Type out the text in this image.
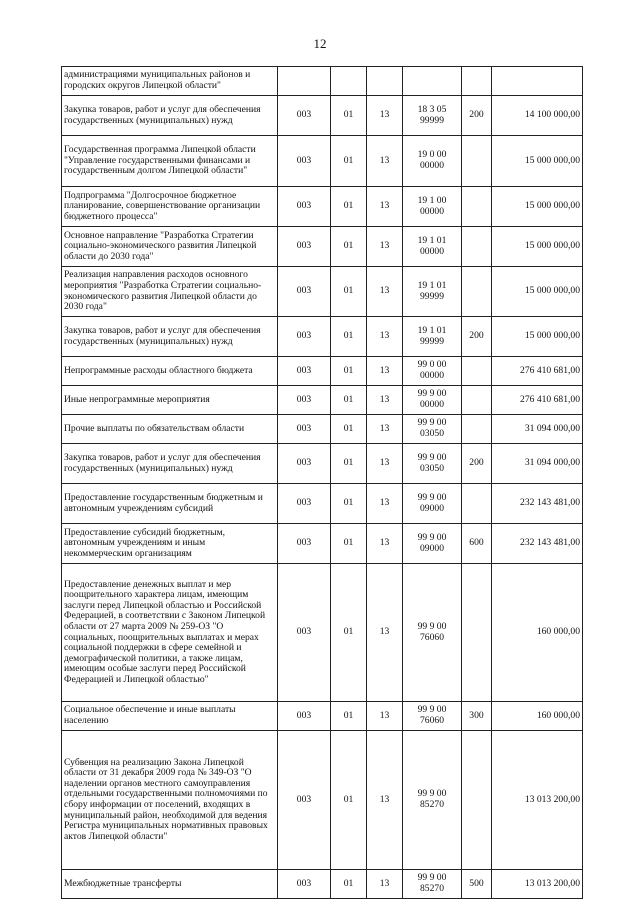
12
администрациями муниципальных районов и городских округов Липецкой области"						
Закупка товаров, работ и услуг для обеспечения государственных (муниципальных) нужд	003	01	13	18 3 05 99999	200	14 100 000,00
Государственная программа Липецкой области "Управление государственными финансами и государственным долгом Липецкой области"	003	01	13	19 0 00 00000		15 000 000,00
Подпрограмма "Долгосрочное бюджетное планирование, совершенствование организации бюджетного процесса"	003	01	13	19 1 00 00000		15 000 000,00
Основное направление "Разработка Стратегии социально-экономического развития Липецкой области до 2030 года"	003	01	13	19 1 01 00000		15 000 000,00
Реализация направления расходов основного мероприятия "Разработка Стратегии социально-экономического развития Липецкой области до 2030 года"	003	01	13	19 1 01 99999		15 000 000,00
Закупка товаров, работ и услуг для обеспечения государственных (муниципальных) нужд	003	01	13	19 1 01 99999	200	15 000 000,00
Непрограммные расходы областного бюджета	003	01	13	99 0 00 00000		276 410 681,00
Иные непрограммные мероприятия	003	01	13	99 9 00 00000		276 410 681,00
Прочие выплаты по обязательствам области	003	01	13	99 9 00 03050		31 094 000,00
Закупка товаров, работ и услуг для обеспечения государственных (муниципальных) нужд	003	01	13	99 9 00 03050	200	31 094 000,00
Предоставление государственным бюджетным и автономным учреждениям субсидий	003	01	13	99 9 00 09000		232 143 481,00
Предоставление субсидий бюджетным, автономным учреждениям и иным некоммерческим организациям	003	01	13	99 9 00 09000	600	232 143 481,00
Предоставление денежных выплат и мер поощрительного характера лицам, имеющим заслуги перед Липецкой областью и Российской Федерацией, в соответствии с Законом Липецкой области от 27 марта 2009 № 259-ОЗ "О социальных, поощрительных выплатах и мерах социальной поддержки в сфере семейной и демографической политики, а также лицам, имеющим особые заслуги перед Российской Федерацией и Липецкой областью"	003	01	13	99 9 00 76060		160 000,00
Социальное обеспечение и иные выплаты населению	003	01	13	99 9 00 76060	300	160 000,00
Субвенция на реализацию Закона Липецкой области от 31 декабря 2009 года № 349-ОЗ "О наделении органов местного самоуправления отдельными государственными полномочиями по сбору информации от поселений, входящих в муниципальный район, необходимой для ведения Регистра муниципальных нормативных правовых актов Липецкой области"	003	01	13	99 9 00 85270		13 013 200,00
Межбюджетные трансферты	003	01	13	99 9 00 85270	500	13 013 200,00
